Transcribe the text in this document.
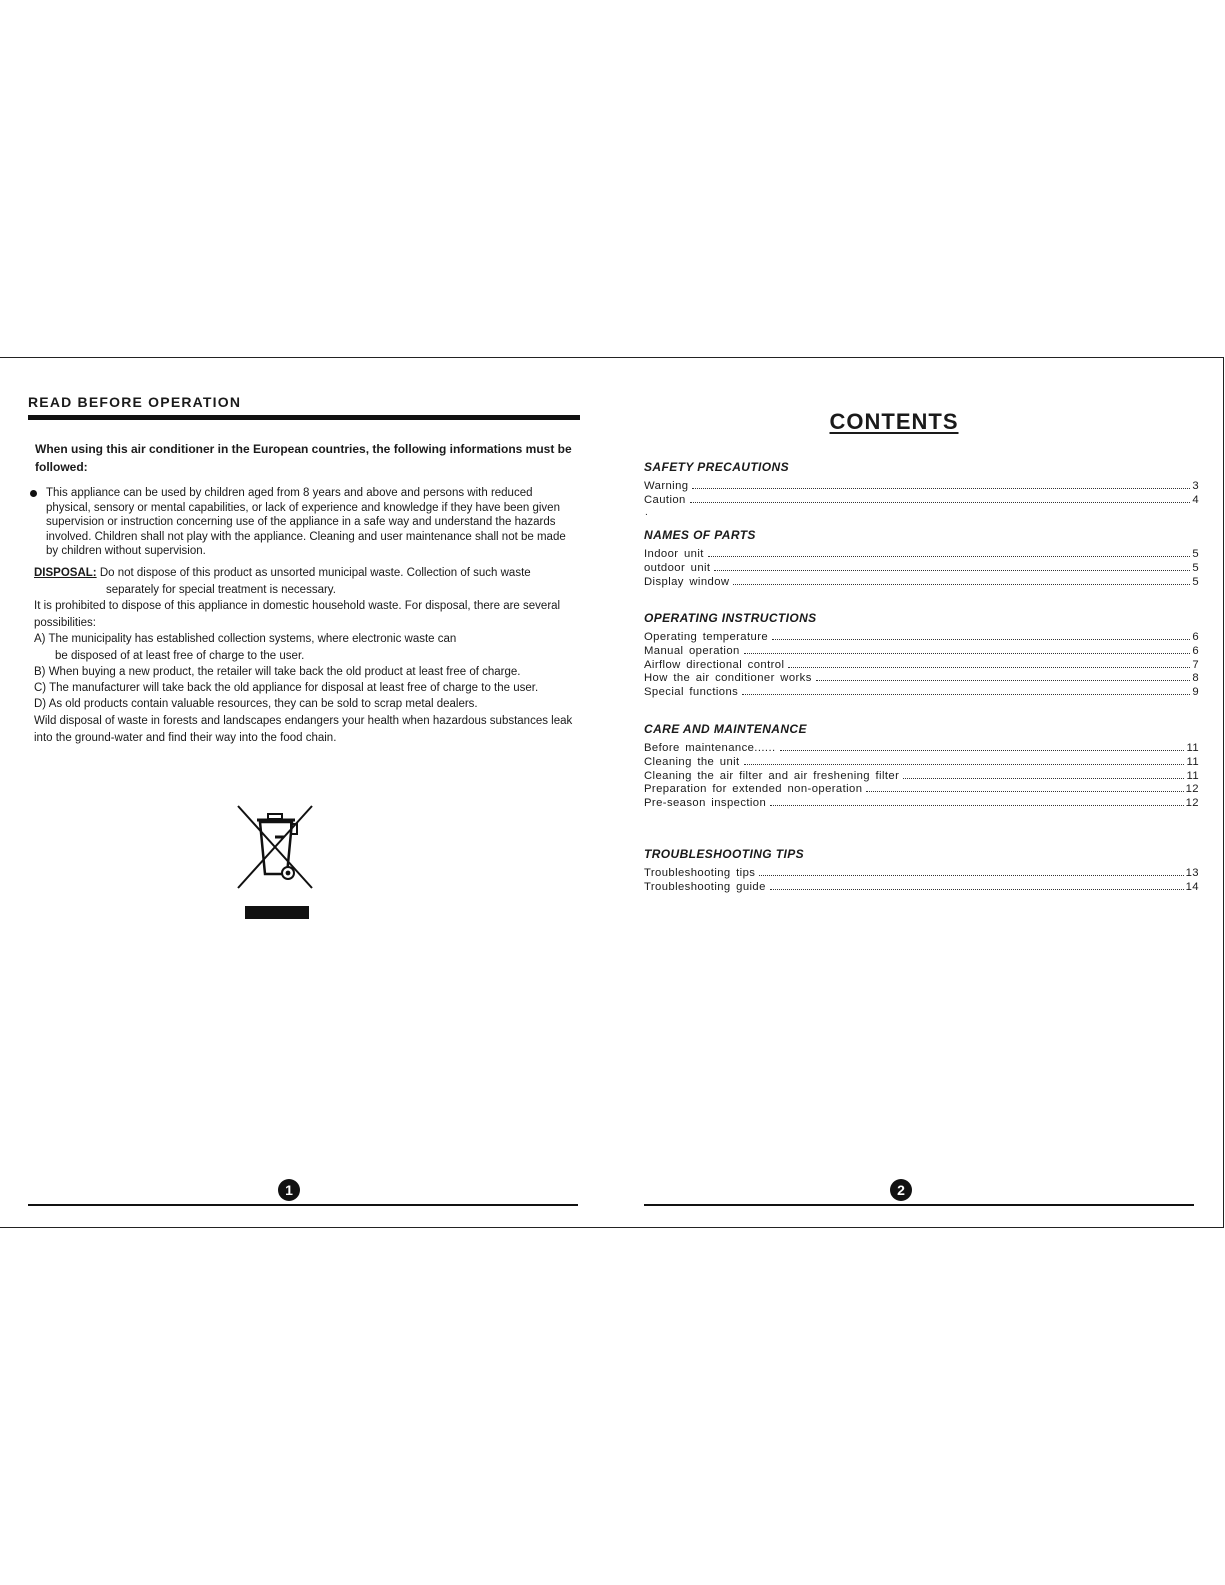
READ BEFORE OPERATION
When using this air conditioner in the European countries, the following informations must be followed:
This appliance can be used by children aged from 8 years and above and persons with reduced physical, sensory or mental capabilities, or lack of experience and knowledge if they have been given supervision or instruction concerning use of the appliance in a safe way and understand the hazards involved. Children shall not play with the appliance. Cleaning and user maintenance shall not be made by children without supervision.
DISPOSAL: Do not dispose of this product as unsorted municipal waste. Collection of such waste
separately for special treatment is necessary.
It is prohibited to dispose of this appliance in domestic household waste. For disposal, there are several possibilities:
A) The municipality has established collection systems, where electronic waste can
be disposed of at least free of charge to the user.
B) When buying a new product, the retailer will take back the old product at least free of charge.
C) The manufacturer will take back the old appliance for disposal at least free of charge to the user.
D) As old products contain valuable resources, they can be sold to scrap metal dealers.
Wild disposal of waste in forests and landscapes endangers your health when hazardous substances leak into the ground-water and find their way into the food chain.
1
CONTENTS
SAFETY PRECAUTIONS
Warning	3
Caution	4
.
NAMES OF PARTS
Indoor unit	5
outdoor unit	5
Display window	5
OPERATING INSTRUCTIONS
Operating temperature	6
Manual operation	6
Airflow directional control	7
How the air conditioner works	8
Special functions	9
CARE AND MAINTENANCE
Before maintenance......	11
Cleaning the unit	11
Cleaning the air filter and air freshening filter	11
Preparation for extended non-operation	12
Pre-season inspection	12
TROUBLESHOOTING TIPS
Troubleshooting tips	13
Troubleshooting guide	14
2
